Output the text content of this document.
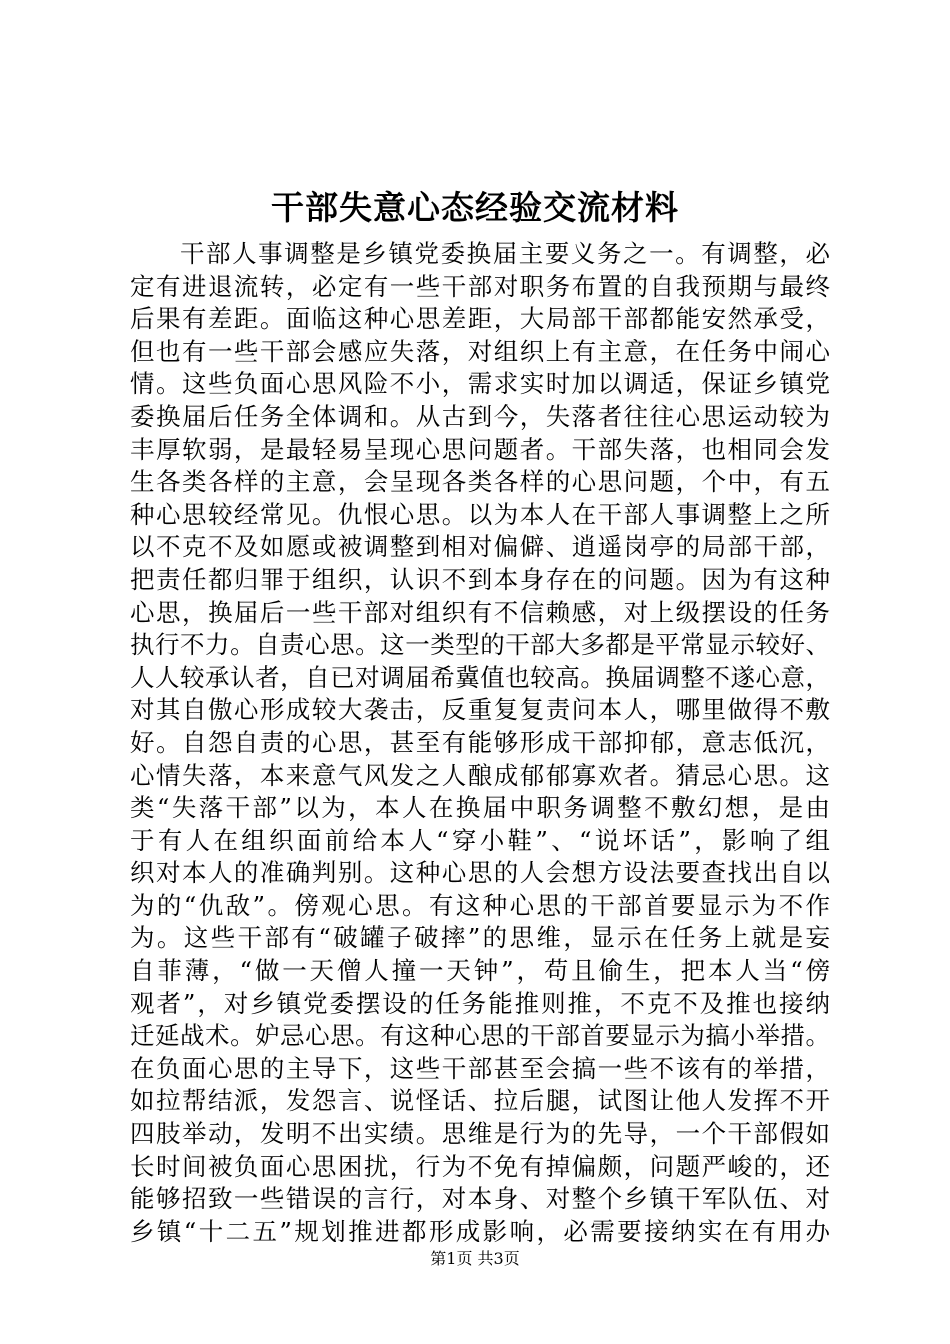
干部失意心态经验交流材料
干部人事调整是乡镇党委换届主要义务之一。有调整，必
定有进退流转，必定有一些干部对职务布置的自我预期与最终
后果有差距。面临这种心思差距，大局部干部都能安然承受，
但也有一些干部会感应失落，对组织上有主意，在任务中闹心
情。这些负面心思风险不小，需求实时加以调适，保证乡镇党
委换届后任务全体调和。从古到今，失落者往往心思运动较为
丰厚软弱，是最轻易呈现心思问题者。干部失落，也相同会发
生各类各样的主意，会呈现各类各样的心思问题，个中，有五
种心思较经常见。仇恨心思。以为本人在干部人事调整上之所
以不克不及如愿或被调整到相对偏僻、逍遥岗亭的局部干部，
把责任都归罪于组织，认识不到本身存在的问题。因为有这种
心思，换届后一些干部对组织有不信赖感，对上级摆设的任务
执行不力。自责心思。这一类型的干部大多都是平常显示较好、
人人较承认者，自已对调届希冀值也较高。换届调整不遂心意，
对其自傲心形成较大袭击，反重复复责问本人，哪里做得不敷
好。自怨自责的心思，甚至有能够形成干部抑郁，意志低沉，
心情失落，本来意气风发之人酿成郁郁寡欢者。猜忌心思。这
类“失落干部”以为，本人在换届中职务调整不敷幻想，是由
于有人在组织面前给本人“穿小鞋”、“说坏话”，影响了组
织对本人的准确判别。这种心思的人会想方设法要查找出自以
为的“仇敌”。傍观心思。有这种心思的干部首要显示为不作
为。这些干部有“破罐子破摔”的思维，显示在任务上就是妄
自菲薄，“做一天僧人撞一天钟”，苟且偷生，把本人当“傍
观者”，对乡镇党委摆设的任务能推则推，不克不及推也接纳
迁延战术。妒忌心思。有这种心思的干部首要显示为搞小举措。
在负面心思的主导下，这些干部甚至会搞一些不该有的举措，
如拉帮结派，发怨言、说怪话、拉后腿，试图让他人发挥不开
四肢举动，发明不出实绩。思维是行为的先导，一个干部假如
长时间被负面心思困扰，行为不免有掉偏颇，问题严峻的，还
能够招致一些错误的言行，对本身、对整个乡镇干军队伍、对
乡镇“十二五”规划推进都形成影响，必需要接纳实在有用办
第1页 共3页
